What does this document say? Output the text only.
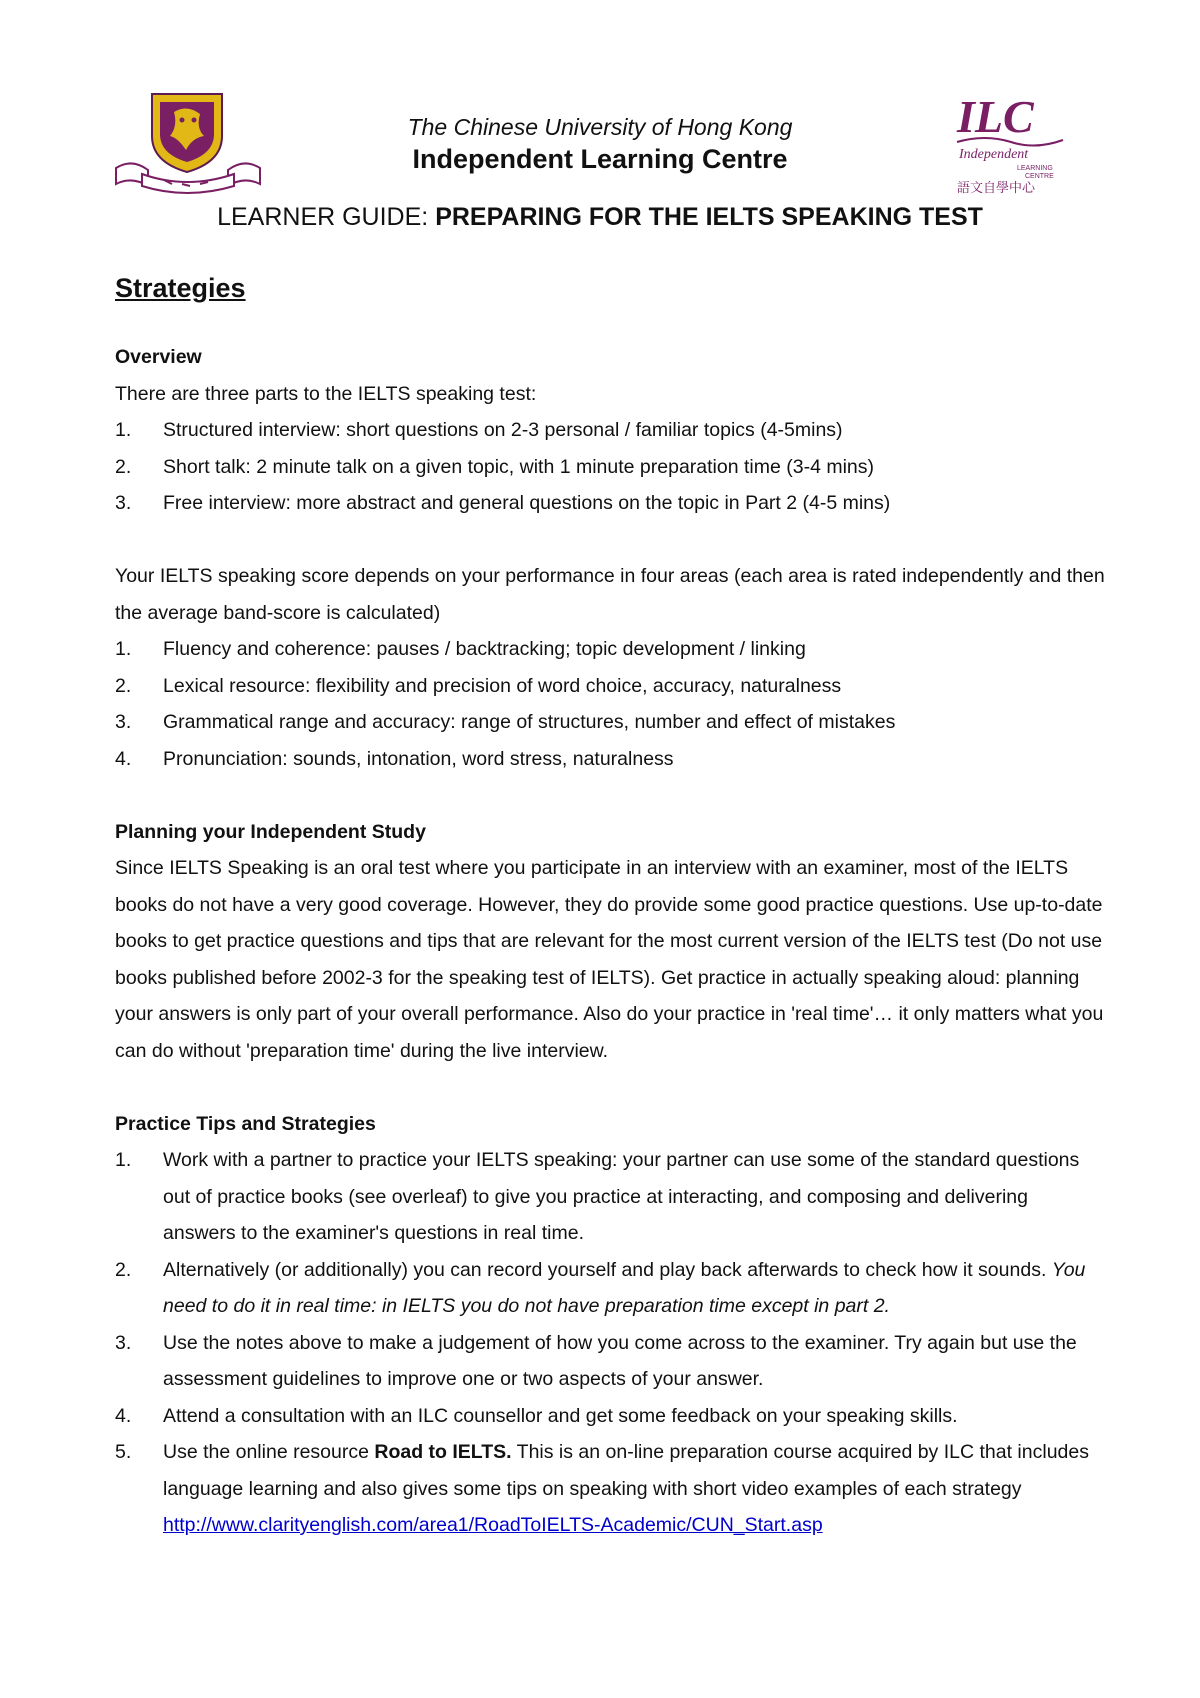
ILC
Independent
LEARNING
CENTRE
語文自學中心
The Chinese University of Hong Kong
Independent Learning Centre
LEARNER GUIDE: PREPARING FOR THE IELTS SPEAKING TEST
Strategies
Overview
There are three parts to the IELTS speaking test:
1. Structured interview: short questions on 2-3 personal / familiar topics (4-5mins)
2. Short talk: 2 minute talk on a given topic, with 1 minute preparation time (3-4 mins)
3. Free interview: more abstract and general questions on the topic in Part 2 (4-5 mins)
Your IELTS speaking score depends on your performance in four areas (each area is rated independently and then the average band-score is calculated)
1. Fluency and coherence: pauses / backtracking; topic development / linking
2. Lexical resource: flexibility and precision of word choice, accuracy, naturalness
3. Grammatical range and accuracy: range of structures, number and effect of mistakes
4. Pronunciation: sounds, intonation, word stress, naturalness
Planning your Independent Study
Since IELTS Speaking is an oral test where you participate in an interview with an examiner, most of the IELTS books do not have a very good coverage. However, they do provide some good practice questions. Use up-to-date books to get practice questions and tips that are relevant for the most current version of the IELTS test (Do not use books published before 2002-3 for the speaking test of IELTS). Get practice in actually speaking aloud: planning your answers is only part of your overall performance. Also do your practice in 'real time'… it only matters what you can do without 'preparation time' during the live interview.
Practice Tips and Strategies
1. Work with a partner to practice your IELTS speaking: your partner can use some of the standard questions out of practice books (see overleaf) to give you practice at interacting, and composing and delivering answers to the examiner's questions in real time.
2. Alternatively (or additionally) you can record yourself and play back afterwards to check how it sounds. You need to do it in real time: in IELTS you do not have preparation time except in part 2.
3. Use the notes above to make a judgement of how you come across to the examiner. Try again but use the assessment guidelines to improve one or two aspects of your answer.
4. Attend a consultation with an ILC counsellor and get some feedback on your speaking skills.
5. Use the online resource Road to IELTS. This is an on-line preparation course acquired by ILC that includes language learning and also gives some tips on speaking with short video examples of each strategy http://www.clarityenglish.com/area1/RoadToIELTS-Academic/CUN_Start.asp
